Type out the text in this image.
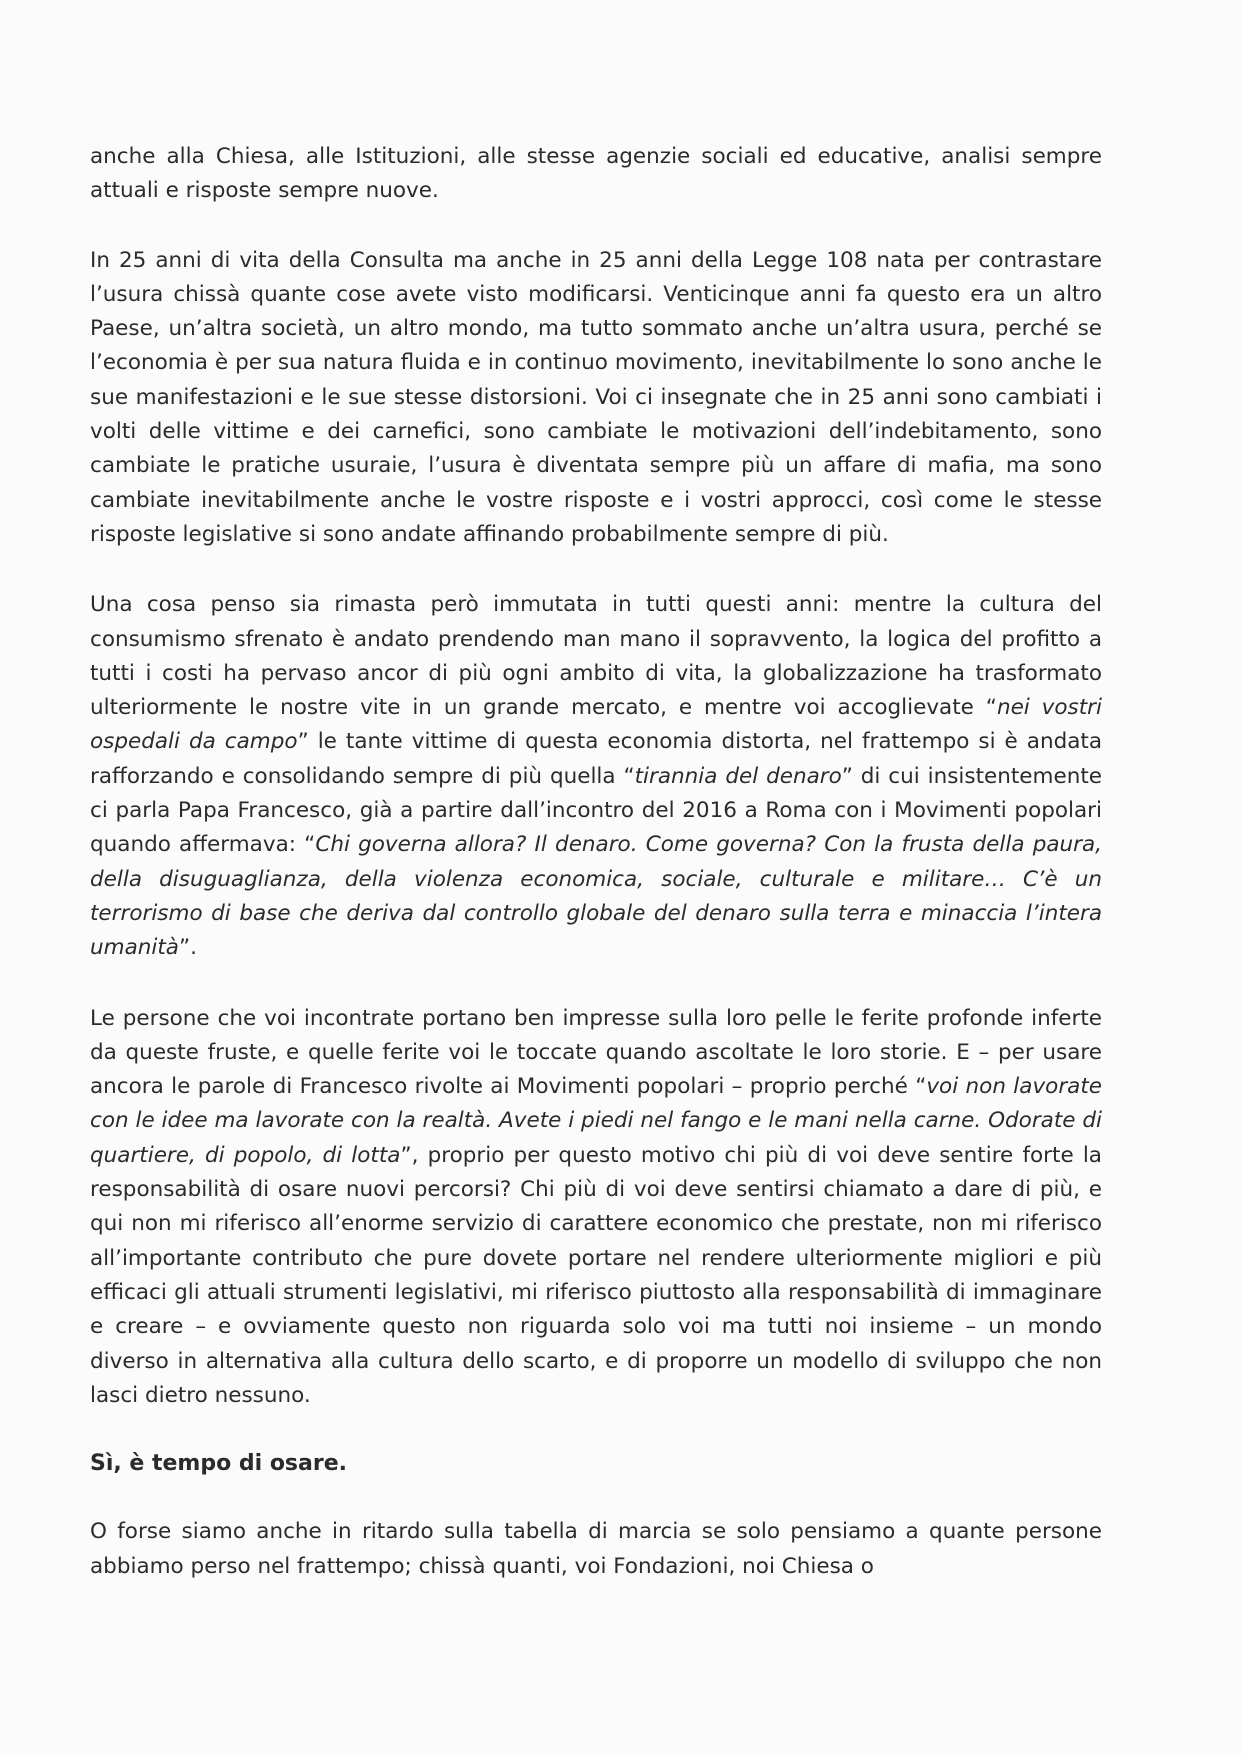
anche alla Chiesa, alle Istituzioni, alle stesse agenzie sociali ed educative, analisi sempre attuali e risposte sempre nuove.

In 25 anni di vita della Consulta ma anche in 25 anni della Legge 108 nata per contrastare l’usura chissà quante cose avete visto modificarsi. Venticinque anni fa questo era un altro Paese, un’altra società, un altro mondo, ma tutto sommato anche un’altra usura, perché se l’economia è per sua natura fluida e in continuo movimento, inevitabilmente lo sono anche le sue manifestazioni e le sue stesse distorsioni. Voi ci insegnate che in 25 anni sono cambiati i volti delle vittime e dei carnefici, sono cambiate le motivazioni dell’indebitamento, sono cambiate le pratiche usuraie, l’usura è diventata sempre più un affare di mafia, ma sono cambiate inevitabilmente anche le vostre risposte e i vostri approcci, così come le stesse risposte legislative si sono andate affinando probabilmente sempre di più.

Una cosa penso sia rimasta però immutata in tutti questi anni: mentre la cultura del consumismo sfrenato è andato prendendo man mano il sopravvento, la logica del profitto a tutti i costi ha pervaso ancor di più ogni ambito di vita, la globalizzazione ha trasformato ulteriormente le nostre vite in un grande mercato, e mentre voi accoglievate “nei vostri ospedali da campo” le tante vittime di questa economia distorta, nel frattempo si è andata rafforzando e consolidando sempre di più quella “tirannia del denaro” di cui insistentemente ci parla Papa Francesco, già a partire dall’incontro del 2016 a Roma con i Movimenti popolari quando affermava: “Chi governa allora? Il denaro. Come governa? Con la frusta della paura, della disuguaglianza, della violenza economica, sociale, culturale e militare… C’è un terrorismo di base che deriva dal controllo globale del denaro sulla terra e minaccia l’intera umanità”.

Le persone che voi incontrate portano ben impresse sulla loro pelle le ferite profonde inferte da queste fruste, e quelle ferite voi le toccate quando ascoltate le loro storie. E – per usare ancora le parole di Francesco rivolte ai Movimenti popolari – proprio perché “voi non lavorate con le idee ma lavorate con la realtà. Avete i piedi nel fango e le mani nella carne. Odorate di quartiere, di popolo, di lotta”, proprio per questo motivo chi più di voi deve sentire forte la responsabilità di osare nuovi percorsi? Chi più di voi deve sentirsi chiamato a dare di più, e qui non mi riferisco all’enorme servizio di carattere economico che prestate, non mi riferisco all’importante contributo che pure dovete portare nel rendere ulteriormente migliori e più efficaci gli attuali strumenti legislativi, mi riferisco piuttosto alla responsabilità di immaginare e creare – e ovviamente questo non riguarda solo voi ma tutti noi insieme – un mondo diverso in alternativa alla cultura dello scarto, e di proporre un modello di sviluppo che non lasci dietro nessuno.

Sì, è tempo di osare.

O forse siamo anche in ritardo sulla tabella di marcia se solo pensiamo a quante persone abbiamo perso nel frattempo; chissà quanti, voi Fondazioni, noi Chiesa o
